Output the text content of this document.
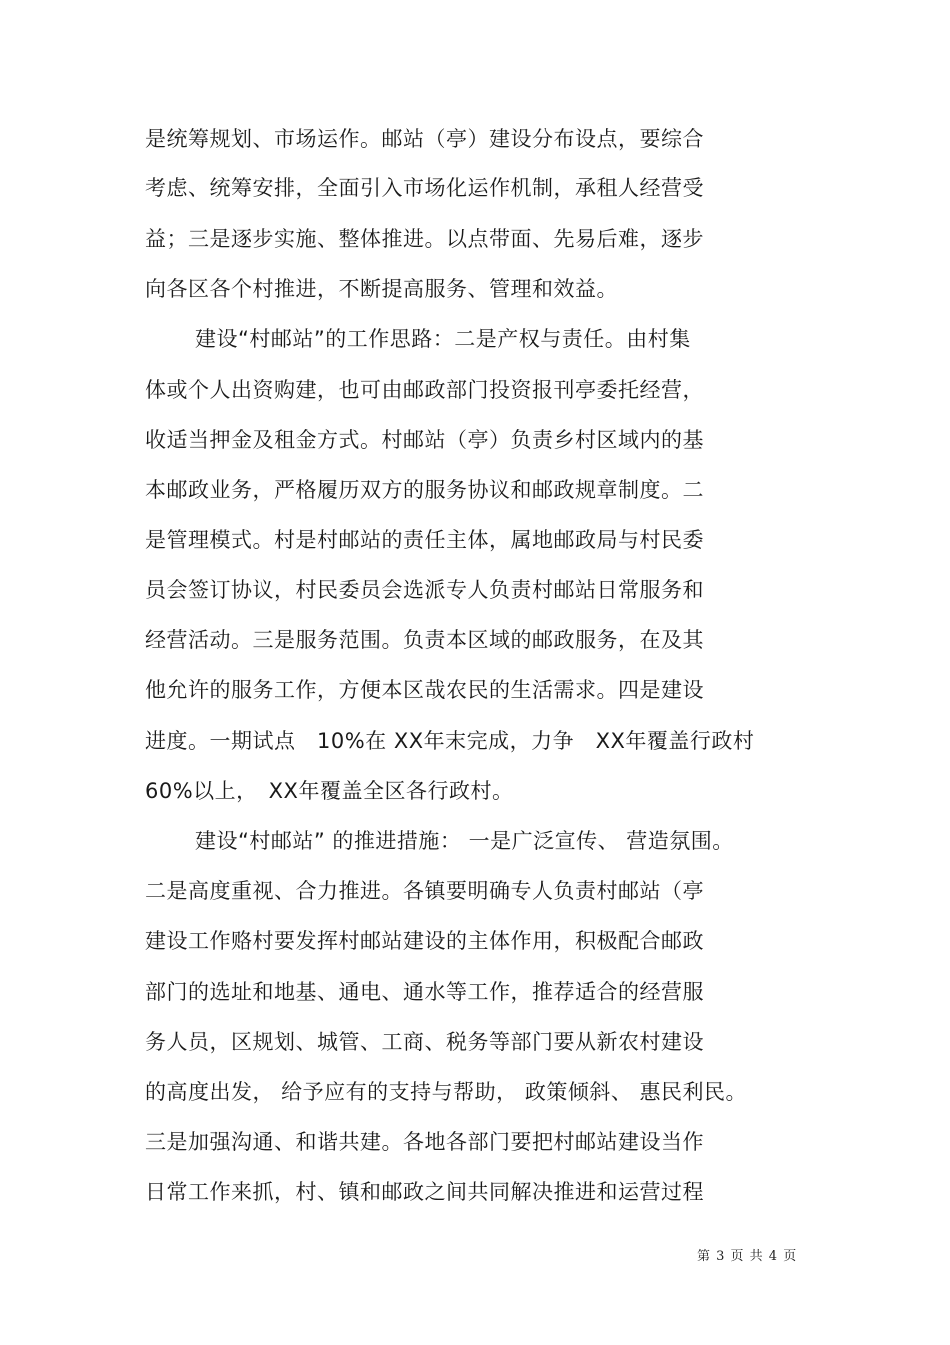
是统筹规划、市场运作。邮站（亭）建设分布设点，要综合
考虑、统筹安排，全面引入市场化运作机制，承租人经营受
益；三是逐步实施、整体推进。以点带面、先易后难，逐步
向各区各个村推进，不断提高服务、管理和效益。
建设“村邮站”的工作思路：二是产权与责任。由村集
体或个人出资购建，也可由邮政部门投资报刊亭委托经营，
收适当押金及租金方式。村邮站（亭）负责乡村区域内的基
本邮政业务，严格履历双方的服务协议和邮政规章制度。二
是管理模式。村是村邮站的责任主体，属地邮政局与村民委
员会签订协议，村民委员会选派专人负责村邮站日常服务和
经营活动。三是服务范围。负责本区域的邮政服务，在及其
他允许的服务工作，方便本区哉农民的生活需求。四是建设
进度。一期试点　10%在 XX年末完成，力争　XX年覆盖行政村
60%以上，　XX年覆盖全区各行政村。
建设“村邮站” 的推进措施： 一是广泛宣传、 营造氛围。
二是高度重视、合力推进。各镇要明确专人负责村邮站（亭
建设工作赂村要发挥村邮站建设的主体作用，积极配合邮政
部门的选址和地基、通电、通水等工作，推荐适合的经营服
务人员，区规划、城管、工商、税务等部门要从新农村建设
的高度出发， 给予应有的支持与帮助， 政策倾斜、 惠民利民。
三是加强沟通、和谐共建。各地各部门要把村邮站建设当作
日常工作来抓，村、镇和邮政之间共同解决推进和运营过程
第 3 页 共 4 页
